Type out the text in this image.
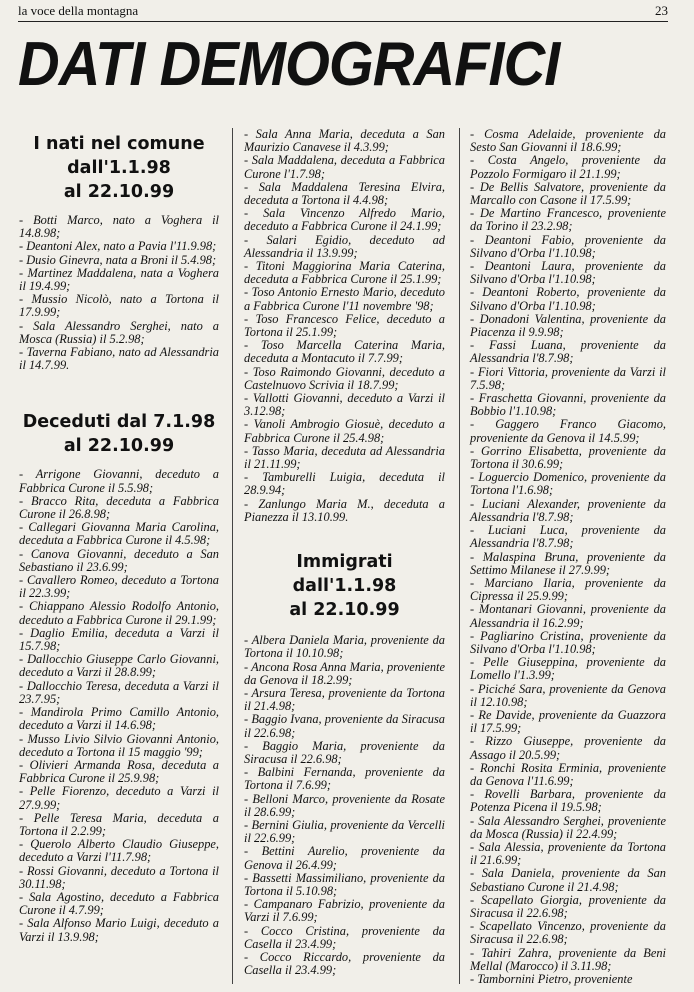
la voce della montagna	23
DATI DEMOGRAFICI
I nati nel comune
dall'1.1.98
al 22.10.99

- Botti Marco, nato a Voghera il 14.8.98;

- Deantoni Alex, nato a Pavia l'11.9.98;

- Dusio Ginevra, nata a Broni il 5.4.98;

- Martinez Maddalena, nata a Voghera il 19.4.99;

- Mussio Nicolò, nato a Tortona il 17.9.99;

- Sala Alessandro Serghei, nato a Mosca (Russia) il 5.2.98;

- Taverna Fabiano, nato ad Alessandria il 14.7.99.

Deceduti dal 7.1.98
al 22.10.99

- Arrigone Giovanni, deceduto a Fabbrica Curone il 5.5.98;

- Bracco Rita, deceduta a Fabbrica Curone il 26.8.98;

- Callegari Giovanna Maria Carolina, deceduta a Fabbrica Curone il 4.5.98;

- Canova Giovanni, deceduto a San Sebastiano il 23.6.99;

- Cavallero Romeo, deceduto a Tortona il 22.3.99;

- Chiappano Alessio Rodolfo Antonio, deceduto a Fabbrica Curone il 29.1.99;

- Daglio Emilia, deceduta a Varzi il 15.7.98;

- Dallocchio Giuseppe Carlo Giovanni, deceduto a Varzi il 28.8.99;

- Dallocchio Teresa, deceduta a Varzi il 23.7.95;

- Mandirola Primo Camillo Antonio, deceduto a Varzi il 14.6.98;

- Musso Livio Silvio Giovanni Antonio, deceduto a Tortona il 15 maggio '99;

- Olivieri Armanda Rosa, deceduta a Fabbrica Curone il 25.9.98;

- Pelle Fiorenzo, deceduto a Varzi il 27.9.99;

- Pelle Teresa Maria, deceduta a Tortona il 2.2.99;

- Querolo Alberto Claudio Giuseppe, deceduto a Varzi l'11.7.98;

- Rossi Giovanni, deceduto a Tortona il 30.11.98;

- Sala Agostino, deceduto a Fabbrica Curone il 4.7.99;

- Sala Alfonso Mario Luigi, deceduto a Varzi il 13.9.98;

- Sala Anna Maria, deceduta a San Maurizio Canavese il 4.3.99;

- Sala Maddalena, deceduta a Fabbrica Curone l'1.7.98;

- Sala Maddalena Teresina Elvira, deceduta a Tortona il 4.4.98;

- Sala Vincenzo Alfredo Mario, deceduto a Fabbrica Curone il 24.1.99;

- Salari Egidio, deceduto ad Alessandria il 13.9.99;

- Titoni Maggiorina Maria Caterina, deceduta a Fabbrica Curone il 25.1.99;

- Toso Antonio Ernesto Mario, deceduto a Fabbrica Curone l'11 novembre '98;

- Toso Francesco Felice, deceduto a Tortona il 25.1.99;

- Toso Marcella Caterina Maria, deceduta a Montacuto il 7.7.99;

- Toso Raimondo Giovanni, deceduto a Castelnuovo Scrivia il 18.7.99;

- Vallotti Giovanni, deceduto a Varzi il 3.12.98;

- Vanoli Ambrogio Giosuè, deceduto a Fabbrica Curone il 25.4.98;

- Tasso Maria, deceduta ad Alessandria il 21.11.99;

- Tamburelli Luigia, deceduta il 28.9.94;

- Zanlungo Maria M., deceduta a Pianezza il 13.10.99.

Immigrati dall'1.1.98
al 22.10.99

- Albera Daniela Maria, proveniente da Tortona il 10.10.98;

- Ancona Rosa Anna Maria, proveniente da Genova il 18.2.99;

- Arsura Teresa, proveniente da Tortona il 21.4.98;

- Baggio Ivana, proveniente da Siracusa il 22.6.98;

- Baggio Maria, proveniente da Siracusa il 22.6.98;

- Balbini Fernanda, proveniente da Tortona il 7.6.99;

- Belloni Marco, proveniente da Rosate il 28.6.99;

- Bernini Giulia, proveniente da Vercelli il 22.6.99;

- Bettini Aurelio, proveniente da Genova il 26.4.99;

- Bassetti Massimiliano, proveniente da Tortona il 5.10.98;

- Campanaro Fabrizio, proveniente da Varzi il 7.6.99;

- Cocco Cristina, proveniente da Casella il 23.4.99;

- Cocco Riccardo, proveniente da Casella il 23.4.99;

- Cosma Adelaide, proveniente da Sesto San Giovanni il 18.6.99;

- Costa Angelo, proveniente da Pozzolo Formigaro il 21.1.99;

- De Bellis Salvatore, proveniente da Marcallo con Casone il 17.5.99;

- De Martino Francesco, proveniente da Torino il 23.2.98;

- Deantoni Fabio, proveniente da Silvano d'Orba l'1.10.98;

- Deantoni Laura, proveniente da Silvano d'Orba l'1.10.98;

- Deantoni Roberto, proveniente da Silvano d'Orba l'1.10.98;

- Donadoni Valentina, proveniente da Piacenza il 9.9.98;

- Fassi Luana, proveniente da Alessandria l'8.7.98;

- Fiori Vittoria, proveniente da Varzi il 7.5.98;

- Fraschetta Giovanni, proveniente da Bobbio l'1.10.98;

- Gaggero Franco Giacomo, proveniente da Genova il 14.5.99;

- Gorrino Elisabetta, proveniente da Tortona il 30.6.99;

- Loguercio Domenico, proveniente da Tortona l'1.6.98;

- Luciani Alexander, proveniente da Alessandria l'8.7.98;

- Luciani Luca, proveniente da Alessandria l'8.7.98;

- Malaspina Bruna, proveniente da Settimo Milanese il 27.9.99;

- Marciano Ilaria, proveniente da Cipressa il 25.9.99;

- Montanari Giovanni, proveniente da Alessandria il 16.2.99;

- Pagliarino Cristina, proveniente da Silvano d'Orba l'1.10.98;

- Pelle Giuseppina, proveniente da Lomello l'1.3.99;

- Piciché Sara, proveniente da Genova il 12.10.98;

- Re Davide, proveniente da Guazzora il 17.5.99;

- Rizzo Giuseppe, proveniente da Assago il 20.5.99;

- Ronchi Rosita Erminia, proveniente da Genova l'11.6.99;

- Rovelli Barbara, proveniente da Potenza Picena il 19.5.98;

- Sala Alessandro Serghei, proveniente da Mosca (Russia) il 22.4.99;

- Sala Alessia, proveniente da Tortona il 21.6.99;

- Sala Daniela, proveniente da San Sebastiano Curone il 21.4.98;

- Scapellato Giorgia, proveniente da Siracusa il 22.6.98;

- Scapellato Vincenzo, proveniente da Siracusa il 22.6.98;

- Tahiri Zahra, proveniente da Beni Mellal (Marocco) il 3.11.98;

- Tambornini Pietro, proveniente
